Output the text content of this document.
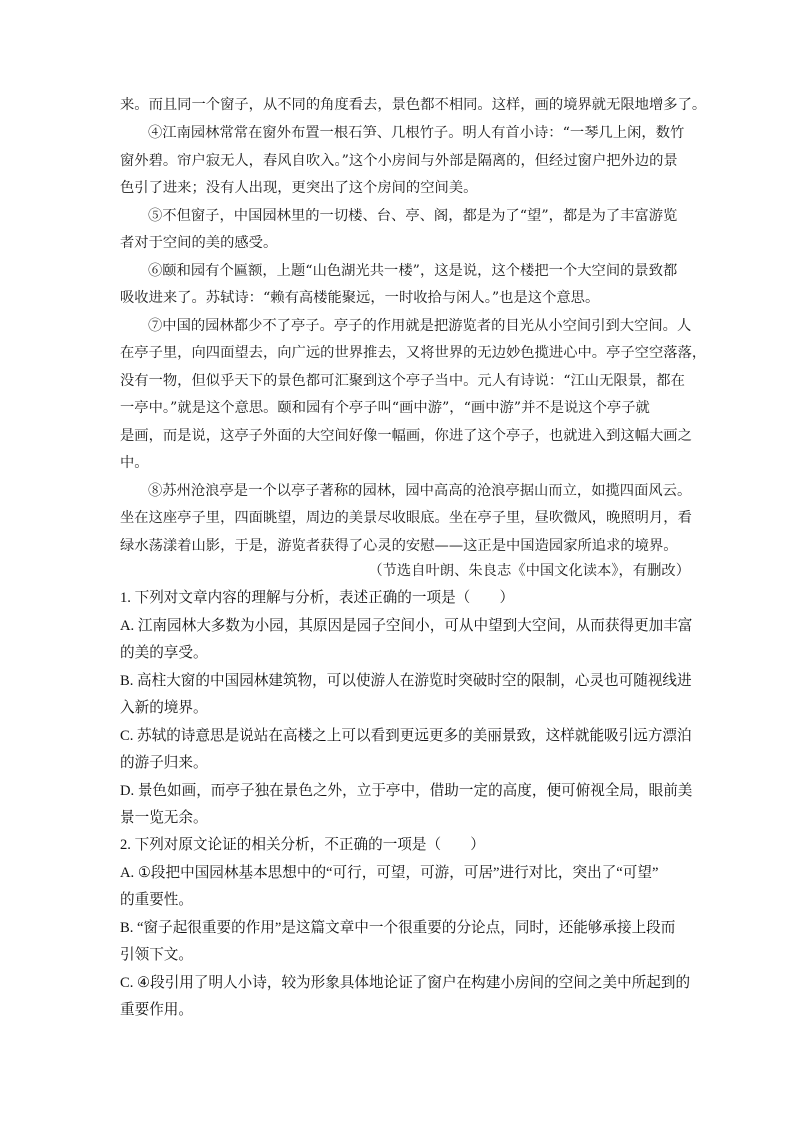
来。而且同一个窗子，从不同的角度看去，景色都不相同。这样，画的境界就无限地增多了。
④江南园林常常在窗外布置一根石笋、几根竹子。明人有首小诗：“一琴几上闲，数竹
窗外碧。帘户寂无人，春风自吹入。”这个小房间与外部是隔离的，但经过窗户把外边的景
色引了进来；没有人出现，更突出了这个房间的空间美。
⑤不但窗子，中国园林里的一切楼、台、亭、阁，都是为了“望”，都是为了丰富游览
者对于空间的美的感受。
⑥颐和园有个匾额，上题“山色湖光共一楼”，这是说，这个楼把一个大空间的景致都
吸收进来了。苏轼诗：“赖有高楼能聚远，一时收拾与闲人。”也是这个意思。
⑦中国的园林都少不了亭子。亭子的作用就是把游览者的目光从小空间引到大空间。人
在亭子里，向四面望去，向广远的世界推去，又将世界的无边妙色揽进心中。亭子空空落落，
没有一物，但似乎天下的景色都可汇聚到这个亭子当中。元人有诗说：“江山无限景，都在
一亭中。”就是这个意思。颐和园有个亭子叫“画中游”，“画中游”并不是说这个亭子就
是画，而是说，这亭子外面的大空间好像一幅画，你进了这个亭子，也就进入到这幅大画之
中。
⑧苏州沧浪亭是一个以亭子著称的园林，园中高高的沧浪亭据山而立，如揽四面风云。
坐在这座亭子里，四面眺望，周边的美景尽收眼底。坐在亭子里，昼吹微风，晚照明月，看
绿水荡漾着山影，于是，游览者获得了心灵的安慰——这正是中国造园家所追求的境界。
（节选自叶朗、朱良志《中国文化读本》，有删改）
1. 下列对文章内容的理解与分析，表述正确的一项是（　　）
A. 江南园林大多数为小园，其原因是园子空间小，可从中望到大空间，从而获得更加丰富
的美的享受。
B. 高柱大窗的中国园林建筑物，可以使游人在游览时突破时空的限制，心灵也可随视线进
入新的境界。
C. 苏轼的诗意思是说站在高楼之上可以看到更远更多的美丽景致，这样就能吸引远方漂泊
的游子归来。
D. 景色如画，而亭子独在景色之外，立于亭中，借助一定的高度，便可俯视全局，眼前美
景一览无余。
2. 下列对原文论证的相关分析，不正确的一项是（　　）
A. ①段把中国园林基本思想中的“可行，可望，可游，可居”进行对比，突出了“可望”
的重要性。
B. “窗子起很重要的作用”是这篇文章中一个很重要的分论点，同时，还能够承接上段而
引领下文。
C. ④段引用了明人小诗，较为形象具体地论证了窗户在构建小房间的空间之美中所起到的
重要作用。
